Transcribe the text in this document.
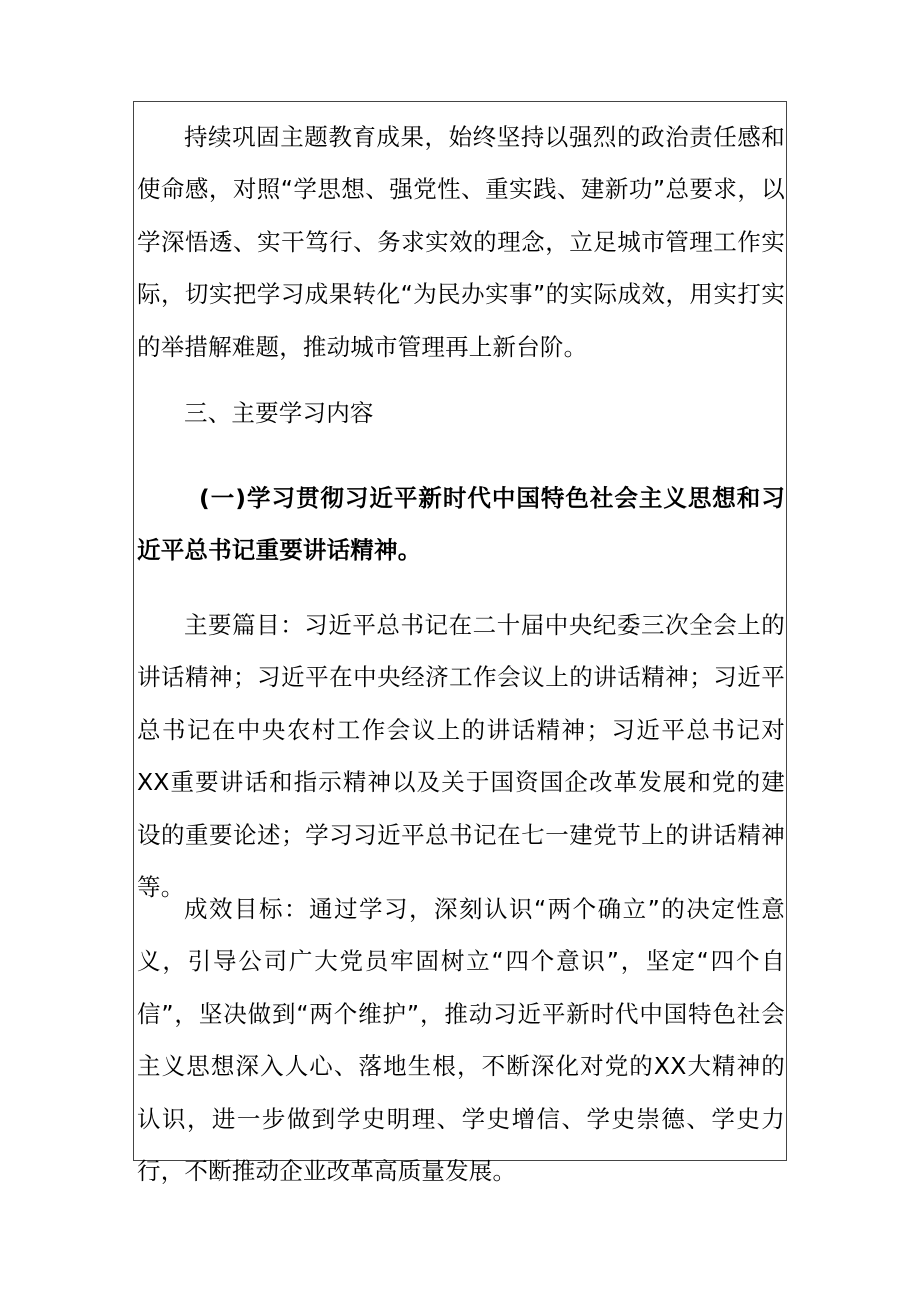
持续巩固主题教育成果，始终坚持以强烈的政治责任感和使命感，对照“学思想、强党性、重实践、建新功”总要求，以学深悟透、实干笃行、务求实效的理念，立足城市管理工作实际，切实把学习成果转化“为民办实事”的实际成效，用实打实的举措解难题，推动城市管理再上新台阶。

三、主要学习内容

(一)学习贯彻习近平新时代中国特色社会主义思想和习近平总书记重要讲话精神。

主要篇目：习近平总书记在二十届中央纪委三次全会上的讲话精神；习近平在中央经济工作会议上的讲话精神；习近平总书记在中央农村工作会议上的讲话精神；习近平总书记对XX重要讲话和指示精神以及关于国资国企改革发展和党的建设的重要论述；学习习近平总书记在七一建党节上的讲话精神等。

成效目标：通过学习，深刻认识“两个确立”的决定性意义，引导公司广大党员牢固树立“四个意识”，坚定“四个自信”，坚决做到“两个维护”，推动习近平新时代中国特色社会主义思想深入人心、落地生根，不断深化对党的XX大精神的认识，进一步做到学史明理、学史增信、学史崇德、学史力行，不断推动企业改革高质量发展。
